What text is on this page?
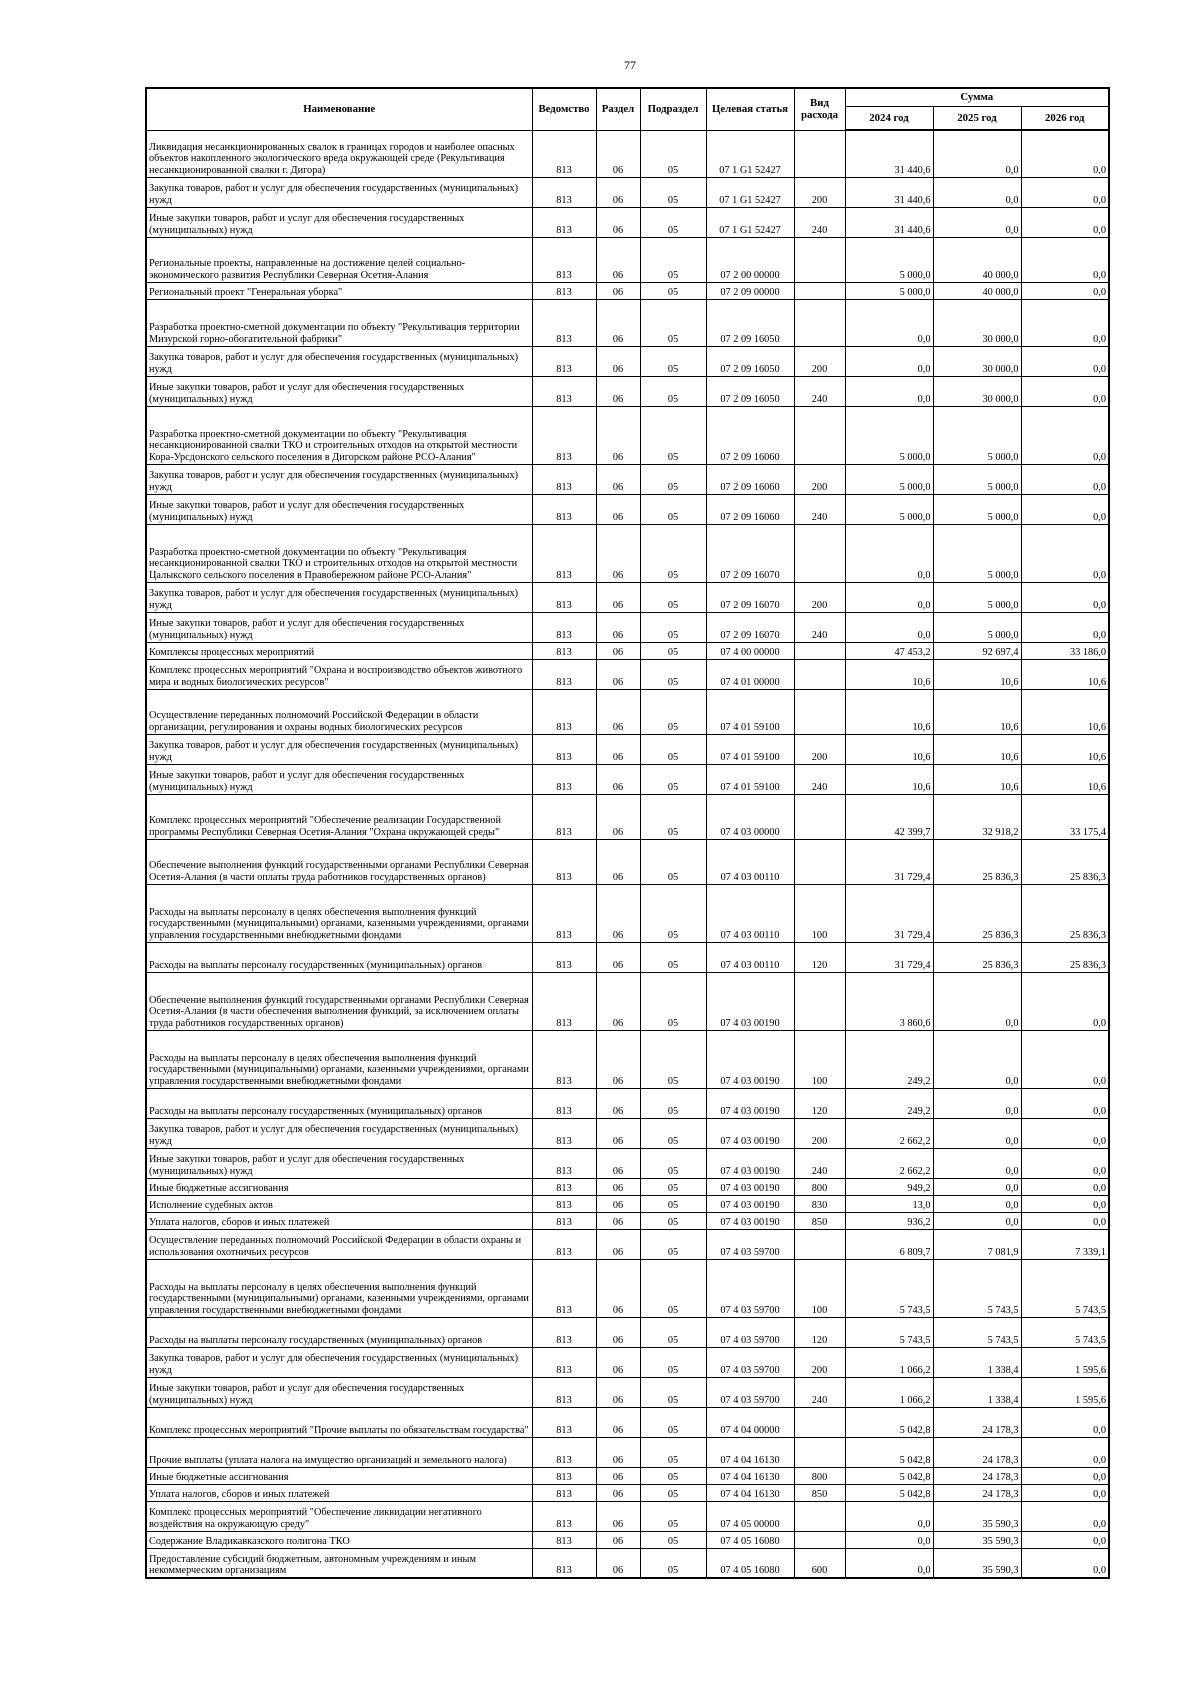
77
Наименование	Ведомство	Раздел	Подраздел	Целевая статья	Вид расхода	Сумма		
						2024 год	2025 год	2026 год
Ликвидация несанкционированных свалок в границах городов и наиболее опасных объектов накопленного экологического вреда окружающей среде (Рекультивация несанкционированной свалки г. Дигора)	813	06	05	07 1 G1 52427		31 440,6	0,0	0,0
Закупка товаров, работ и услуг для обеспечения государственных (муниципальных) нужд	813	06	05	07 1 G1 52427	200	31 440,6	0,0	0,0
Иные закупки товаров, работ и услуг для обеспечения государственных (муниципальных) нужд	813	06	05	07 1 G1 52427	240	31 440,6	0,0	0,0
Региональные проекты, направленные на достижение целей социально-экономического развития Республики Северная Осетия-Алания	813	06	05	07 2 00 00000		5 000,0	40 000,0	0,0
Региональный проект "Генеральная уборка"	813	06	05	07 2 09 00000		5 000,0	40 000,0	0,0
Разработка проектно-сметной документации по объекту "Рекультивация территории Мизурской горно-обогатительной фабрики"	813	06	05	07 2 09 16050		0,0	30 000,0	0,0
Закупка товаров, работ и услуг для обеспечения государственных (муниципальных) нужд	813	06	05	07 2 09 16050	200	0,0	30 000,0	0,0
Иные закупки товаров, работ и услуг для обеспечения государственных (муниципальных) нужд	813	06	05	07 2 09 16050	240	0,0	30 000,0	0,0
Разработка проектно-сметной документации по объекту "Рекультивация несанкционированной свалки ТКО и строительных отходов на открытой местности Кора-Урсдонского сельского поселения в Дигорском районе РСО-Алания"	813	06	05	07 2 09 16060		5 000,0	5 000,0	0,0
Закупка товаров, работ и услуг для обеспечения государственных (муниципальных) нужд	813	06	05	07 2 09 16060	200	5 000,0	5 000,0	0,0
Иные закупки товаров, работ и услуг для обеспечения государственных (муниципальных) нужд	813	06	05	07 2 09 16060	240	5 000,0	5 000,0	0,0
Разработка проектно-сметной документации по объекту "Рекультивация несанкционированной свалки ТКО и строительных отходов на открытой местности Цалыкского сельского поселения в Правобережном районе РСО-Алания"	813	06	05	07 2 09 16070		0,0	5 000,0	0,0
Закупка товаров, работ и услуг для обеспечения государственных (муниципальных) нужд	813	06	05	07 2 09 16070	200	0,0	5 000,0	0,0
Иные закупки товаров, работ и услуг для обеспечения государственных (муниципальных) нужд	813	06	05	07 2 09 16070	240	0,0	5 000,0	0,0
Комплексы процессных мероприятий	813	06	05	07 4 00 00000		47 453,2	92 697,4	33 186,0
Комплекс процессных мероприятий "Охрана и воспроизводство объектов животного мира и водных биологических ресурсов"	813	06	05	07 4 01 00000		10,6	10,6	10,6
Осуществление переданных полномочий Российской Федерации в области организации, регулирования и охраны водных биологических ресурсов	813	06	05	07 4 01 59100		10,6	10,6	10,6
Закупка товаров, работ и услуг для обеспечения государственных (муниципальных) нужд	813	06	05	07 4 01 59100	200	10,6	10,6	10,6
Иные закупки товаров, работ и услуг для обеспечения государственных (муниципальных) нужд	813	06	05	07 4 01 59100	240	10,6	10,6	10,6
Комплекс процессных мероприятий "Обеспечение реализации Государственной программы Республики Северная Осетия-Алания "Охрана окружающей среды"	813	06	05	07 4 03 00000		42 399,7	32 918,2	33 175,4
Обеспечение выполнения функций государственными органами Республики Северная Осетия-Алания (в части оплаты труда работников государственных органов)	813	06	05	07 4 03 00110		31 729,4	25 836,3	25 836,3
Расходы на выплаты персоналу в целях обеспечения выполнения функций государственными (муниципальными) органами, казенными учреждениями, органами управления государственными внебюджетными фондами	813	06	05	07 4 03 00110	100	31 729,4	25 836,3	25 836,3
Расходы на выплаты персоналу государственных (муниципальных) органов	813	06	05	07 4 03 00110	120	31 729,4	25 836,3	25 836,3
Обеспечение выполнения функций государственными органами Республики Северная Осетия-Алания (в части обеспечения выполнения функций, за исключением оплаты труда работников государственных органов)	813	06	05	07 4 03 00190		3 860,6	0,0	0,0
Расходы на выплаты персоналу в целях обеспечения выполнения функций государственными (муниципальными) органами, казенными учреждениями, органами управления государственными внебюджетными фондами	813	06	05	07 4 03 00190	100	249,2	0,0	0,0
Расходы на выплаты персоналу государственных (муниципальных) органов	813	06	05	07 4 03 00190	120	249,2	0,0	0,0
Закупка товаров, работ и услуг для обеспечения государственных (муниципальных) нужд	813	06	05	07 4 03 00190	200	2 662,2	0,0	0,0
Иные закупки товаров, работ и услуг для обеспечения государственных (муниципальных) нужд	813	06	05	07 4 03 00190	240	2 662,2	0,0	0,0
Иные бюджетные ассигнования	813	06	05	07 4 03 00190	800	949,2	0,0	0,0
Исполнение судебных актов	813	06	05	07 4 03 00190	830	13,0	0,0	0,0
Уплата налогов, сборов и иных платежей	813	06	05	07 4 03 00190	850	936,2	0,0	0,0
Осуществление переданных полномочий Российской Федерации в области охраны и использования охотничьих ресурсов	813	06	05	07 4 03 59700		6 809,7	7 081,9	7 339,1
Расходы на выплаты персоналу в целях обеспечения выполнения функций государственными (муниципальными) органами, казенными учреждениями, органами управления государственными внебюджетными фондами	813	06	05	07 4 03 59700	100	5 743,5	5 743,5	5 743,5
Расходы на выплаты персоналу государственных (муниципальных) органов	813	06	05	07 4 03 59700	120	5 743,5	5 743,5	5 743,5
Закупка товаров, работ и услуг для обеспечения государственных (муниципальных) нужд	813	06	05	07 4 03 59700	200	1 066,2	1 338,4	1 595,6
Иные закупки товаров, работ и услуг для обеспечения государственных (муниципальных) нужд	813	06	05	07 4 03 59700	240	1 066,2	1 338,4	1 595,6
Комплекс процессных мероприятий "Прочие выплаты по обязательствам государства"	813	06	05	07 4 04 00000		5 042,8	24 178,3	0,0
Прочие выплаты (уплата налога на имущество организаций и земельного налога)	813	06	05	07 4 04 16130		5 042,8	24 178,3	0,0
Иные бюджетные ассигнования	813	06	05	07 4 04 16130	800	5 042,8	24 178,3	0,0
Уплата налогов, сборов и иных платежей	813	06	05	07 4 04 16130	850	5 042,8	24 178,3	0,0
Комплекс процессных мероприятий "Обеспечение ликвидации негативного воздействия на окружающую среду"	813	06	05	07 4 05 00000		0,0	35 590,3	0,0
Содержание Владикавказского полигона ТКО	813	06	05	07 4 05 16080		0,0	35 590,3	0,0
Предоставление субсидий бюджетным, автономным учреждениям и иным некоммерческим организациям	813	06	05	07 4 05 16080	600	0,0	35 590,3	0,0
